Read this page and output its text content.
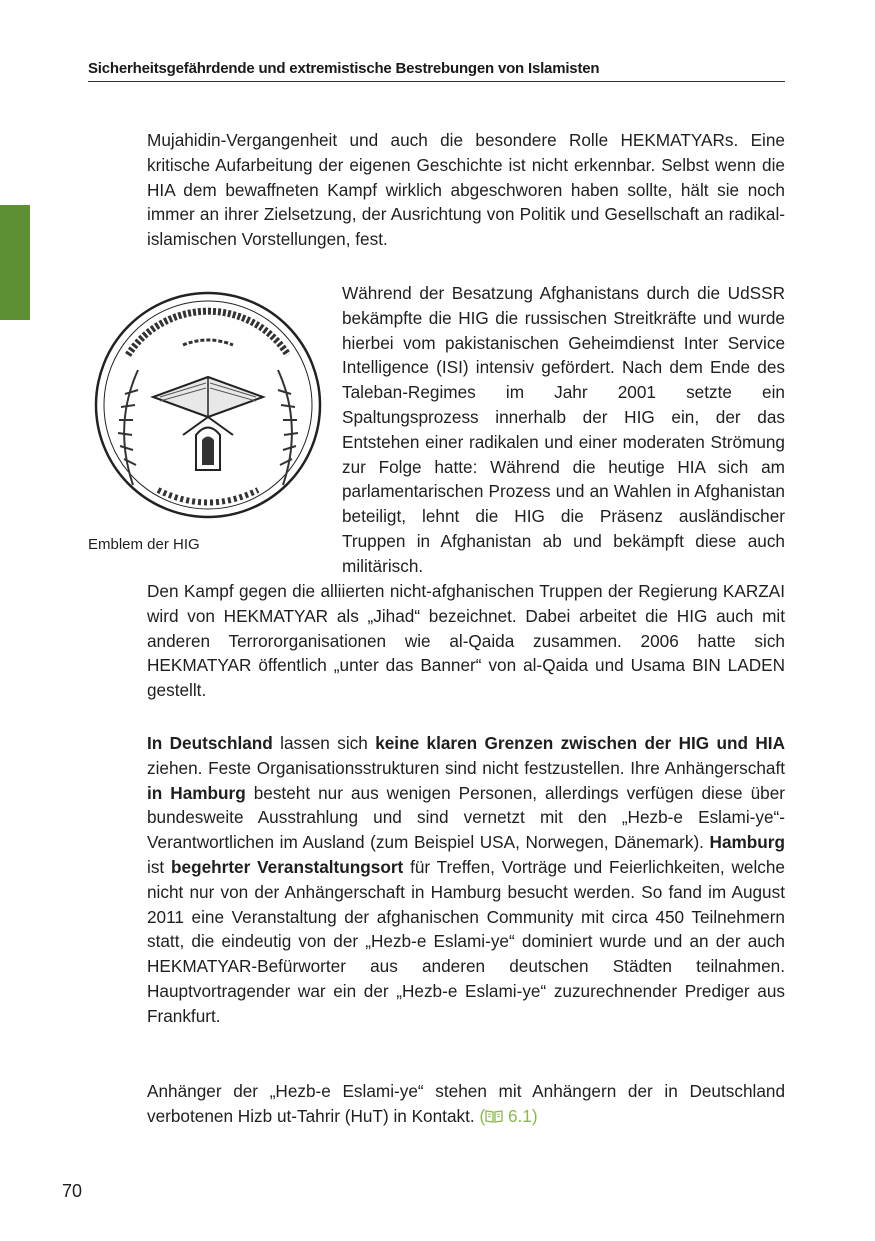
Sicherheitsgefährdende und extremistische Bestrebungen von Islamisten

Mujahidin-Vergangenheit und auch die besondere Rolle HEKMATYARs. Eine kritische Aufarbeitung der eigenen Geschichte ist nicht erkennbar. Selbst wenn die HIA dem bewaffneten Kampf wirklich abgeschworen haben sollte, hält sie noch immer an ihrer Zielsetzung, der Ausrichtung von Politik und Gesellschaft an radikal-islamischen Vorstellungen, fest.

Emblem der HIG

Während der Besatzung Afghanistans durch die UdSSR bekämpfte die HIG die russischen Streitkräfte und wurde hierbei vom pakistanischen Geheimdienst Inter Service Intelligence (ISI) intensiv gefördert. Nach dem Ende des Taleban-Regimes im Jahr 2001 setzte ein Spaltungsprozess innerhalb der HIG ein, der das Entstehen einer radikalen und einer moderaten Strömung zur Folge hatte: Während die heutige HIA sich am parlamentarischen Prozess und an Wahlen in Afghanistan beteiligt, lehnt die HIG die Präsenz ausländischer Truppen in Afghanistan ab und bekämpft diese auch militärisch.

Den Kampf gegen die alliierten nicht-afghanischen Truppen der Regierung KARZAI wird von HEKMATYAR als „Jihad“ bezeichnet. Dabei arbeitet die HIG auch mit anderen Terrororganisationen wie al-Qaida zusammen. 2006 hatte sich HEKMATYAR öffentlich „unter das Banner“ von al-Qaida und Usama BIN LADEN gestellt.

In Deutschland lassen sich keine klaren Grenzen zwischen der HIG und HIA ziehen. Feste Organisationsstrukturen sind nicht festzustellen. Ihre Anhängerschaft in Hamburg besteht nur aus wenigen Personen, allerdings verfügen diese über bundesweite Ausstrahlung und sind vernetzt mit den „Hezb-e Eslami-ye“-Verantwortlichen im Ausland (zum Beispiel USA, Norwegen, Dänemark). Hamburg ist begehrter Veranstaltungsort für Treffen, Vorträge und Feierlichkeiten, welche nicht nur von der Anhängerschaft in Hamburg besucht werden. So fand im August 2011 eine Veranstaltung der afghanischen Community mit circa 450 Teilnehmern statt, die eindeutig von der „Hezb-e Eslami-ye“ dominiert wurde und an der auch HEKMATYAR-Befürworter aus anderen deutschen Städten teilnahmen. Hauptvortragender war ein der „Hezb-e Eslami-ye“ zuzurechnender Prediger aus Frankfurt.

Anhänger der „Hezb-e Eslami-ye“ stehen mit Anhängern der in Deutschland verbotenen Hizb ut-Tahrir (HuT) in Kontakt. ( 6.1)

70
